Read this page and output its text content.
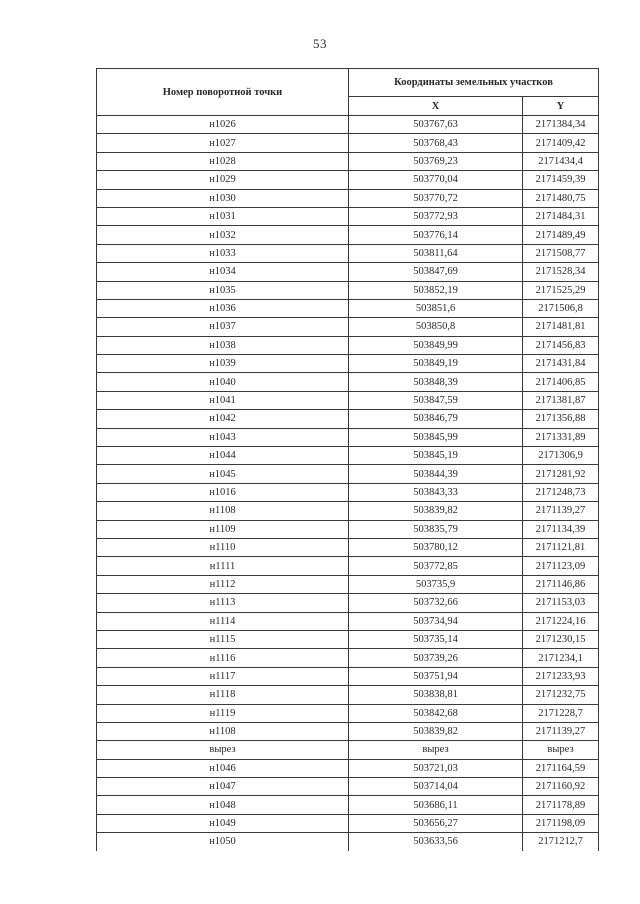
53
Номер поворотной точки	Координаты земельных участков	
	X	Y
н1026	503767,63	2171384,34
н1027	503768,43	2171409,42
н1028	503769,23	2171434,4
н1029	503770,04	2171459,39
н1030	503770,72	2171480,75
н1031	503772,93	2171484,31
н1032	503776,14	2171489,49
н1033	503811,64	2171508,77
н1034	503847,69	2171528,34
н1035	503852,19	2171525,29
н1036	503851,6	2171506,8
н1037	503850,8	2171481,81
н1038	503849,99	2171456,83
н1039	503849,19	2171431,84
н1040	503848,39	2171406,85
н1041	503847,59	2171381,87
н1042	503846,79	2171356,88
н1043	503845,99	2171331,89
н1044	503845,19	2171306,9
н1045	503844,39	2171281,92
н1016	503843,33	2171248,73
н1108	503839,82	2171139,27
н1109	503835,79	2171134,39
н1110	503780,12	2171121,81
н1111	503772,85	2171123,09
н1112	503735,9	2171146,86
н1113	503732,66	2171153,03
н1114	503734,94	2171224,16
н1115	503735,14	2171230,15
н1116	503739,26	2171234,1
н1117	503751,94	2171233,93
н1118	503838,81	2171232,75
н1119	503842,68	2171228,7
н1108	503839,82	2171139,27
вырез	вырез	вырез
н1046	503721,03	2171164,59
н1047	503714,04	2171160,92
н1048	503686,11	2171178,89
н1049	503656,27	2171198,09
н1050	503633,56	2171212,7
